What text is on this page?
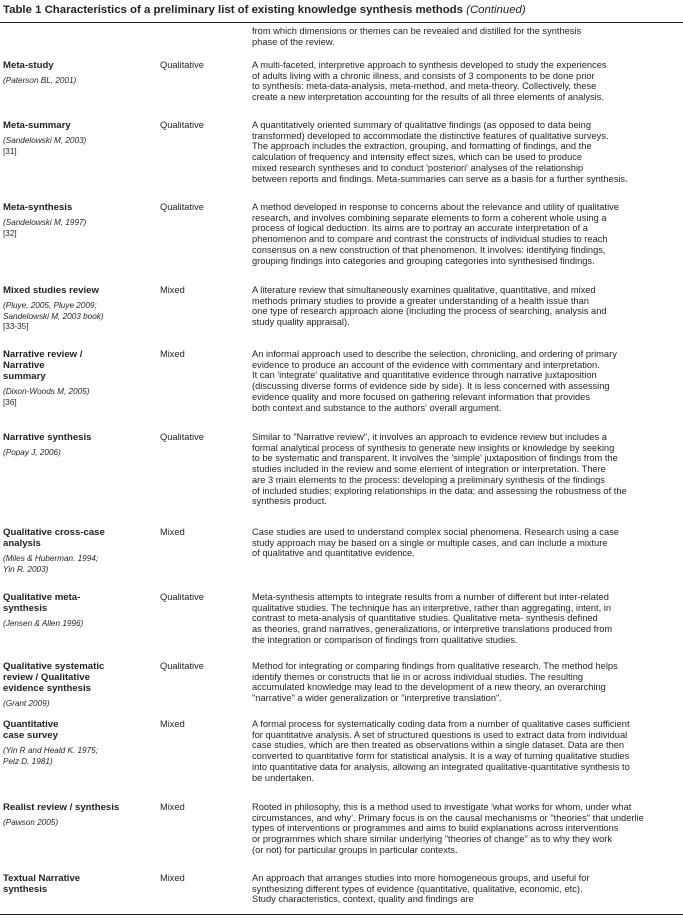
Table 1 Characteristics of a preliminary list of existing knowledge synthesis methods (Continued)
from which dimensions or themes can be revealed and distilled for the synthesis
phase of the review.
Meta-study
(Paterson BL, 2001)
Qualitative	A multi-faceted, interpretive approach to synthesis developed to study the experiences
of adults living with a chronic illness, and consists of 3 components to be done prior
to synthesis: meta-data-analysis, meta-method, and meta-theory. Collectively, these
create a new interpretation accounting for the results of all three elements of analysis.
Meta-summary
(Sandelowski M, 2003)
[31]
Qualitative	A quantitatively oriented summary of qualitative findings (as opposed to data being
transformed) developed to accommodate the distinctive features of qualitative surveys.
The approach includes the extraction, grouping, and formatting of findings, and the
calculation of frequency and intensity effect sizes, which can be used to produce
mixed research syntheses and to conduct 'posteriori' analyses of the relationship
between reports and findings. Meta-summaries can serve as a basis for a further synthesis.
Meta-synthesis
(Sandelowski M, 1997)
[32]
Qualitative	A method developed in response to concerns about the relevance and utility of qualitative
research, and involves combining separate elements to form a coherent whole using a
process of logical deduction. Its aims are to portray an accurate interpretation of a
phenomenon and to compare and contrast the constructs of individual studies to reach
consensus on a new construction of that phenomenon. It involves: identifying findings,
grouping findings into categories and grouping categories into synthesised findings.
Mixed studies review
(Pluye, 2005, Pluye 2009;
Sandelowski M, 2003 book)
[33-35]
Mixed	A literature review that simultaneously examines qualitative, quantitative, and mixed
methods primary studies to provide a greater understanding of a health issue than
one type of research approach alone (including the process of searching, analysis and
study quality appraisal).
Narrative review /
Narrative
summary
(Dixon-Woods M, 2005)
[36]
Mixed	An informal approach used to describe the selection, chronicling, and ordering of primary
evidence to produce an account of the evidence with commentary and interpretation.
It can 'integrate' qualitative and quantitative evidence through narrative juxtaposition
(discussing diverse forms of evidence side by side). It is less concerned with assessing
evidence quality and more focused on gathering relevant information that provides
both context and substance to the authors' overall argument.
Narrative synthesis
(Popay J, 2006)
Qualitative	Similar to "Narrative review", it involves an approach to evidence review but includes a
formal analytical process of synthesis to generate new insights or knowledge by seeking
to be systematic and transparent. It involves the 'simple' juxtaposition of findings from the
studies included in the review and some element of integration or interpretation. There
are 3 main elements to the process: developing a preliminary synthesis of the findings
of included studies; exploring relationships in the data; and assessing the robustness of the
synthesis product.
Qualitative cross-case
analysis
(Miles & Huberman. 1994;
Yin R. 2003)
Mixed	Case studies are used to understand complex social phenomena. Research using a case
study approach may be based on a single or multiple cases, and can include a mixture
of qualitative and quantitative evidence.
Qualitative meta-
synthesis
(Jensen & Allen 1996)
Qualitative	Meta-synthesis attempts to integrate results from a number of different but inter-related
qualitative studies. The technique has an interpretive, rather than aggregating, intent, in
contrast to meta-analysis of quantitative studies. Qualitative meta- synthesis defined
as theories, grand narratives, generalizations, or interpretive translations produced from
the integration or comparison of findings from qualitative studies.
Qualitative systematic
review / Qualitative
evidence synthesis
(Grant 2009)
Qualitative	Method for integrating or comparing findings from qualitative research. The method helps
identify themes or constructs that lie in or across individual studies. The resulting
accumulated knowledge may lead to the development of a new theory, an overarching
"narrative" a wider generalization or "interpretive translation".
Quantitative
case survey
(Yin R and Heald K. 1975;
Pelz D. 1981)
Mixed	A formal process for systematically coding data from a number of qualitative cases sufficient
for quantitative analysis. A set of structured questions is used to extract data from individual
case studies, which are then treated as observations within a single dataset. Data are then
converted to quantitative form for statistical analysis. It is a way of turning qualitative studies
into quantitative data for analysis, allowing an integrated qualitative-quantitative synthesis to
be undertaken.
Realist review / synthesis
(Pawson 2005)
Mixed	Rooted in philosophy, this is a method used to investigate 'what works for whom, under what
circumstances, and why'. Primary focus is on the causal mechanisms or "theories" that underlie
types of interventions or programmes and aims to build explanations across interventions
or programmes which share similar underlying "theories of change" as to why they work
(or not) for particular groups in particular contexts.
Textual Narrative
synthesis
Mixed	An approach that arranges studies into more homogeneous groups, and useful for
synthesizing different types of evidence (quantitative, qualitative, economic, etc).
Study characteristics, context, quality and findings are
